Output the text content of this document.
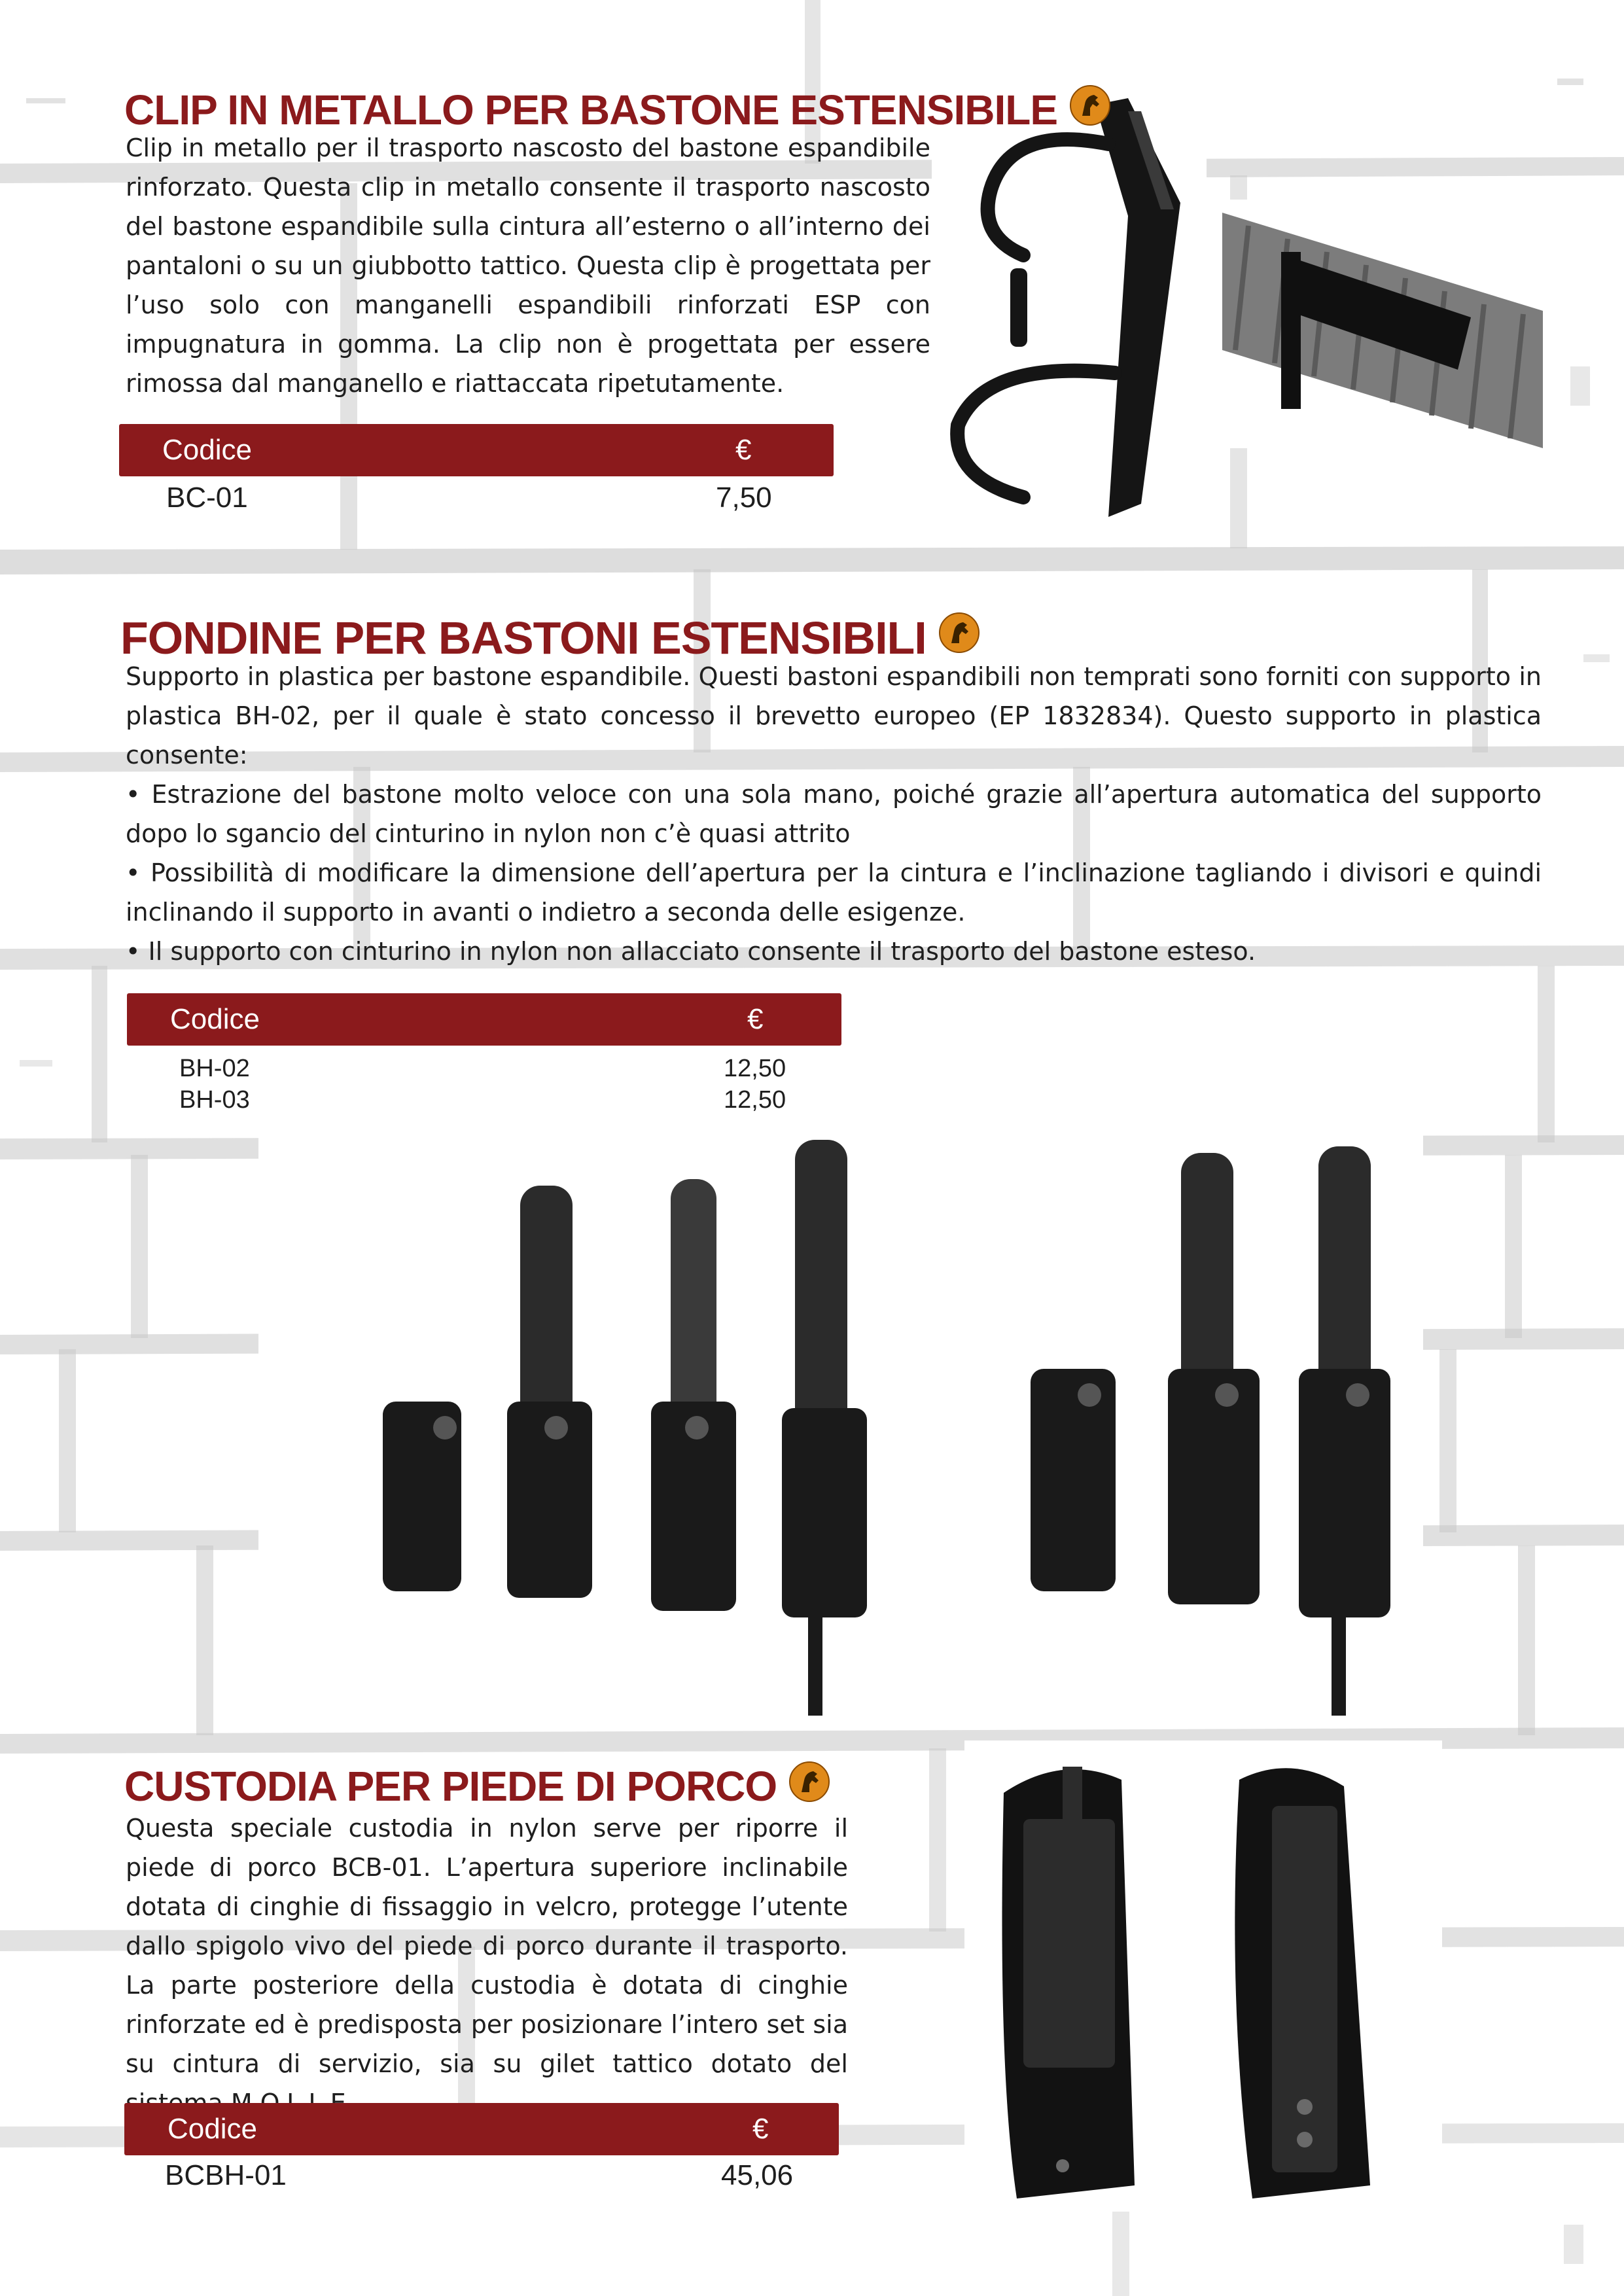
CLIP IN METALLO PER BASTONE ESTENSIBILE
Clip in metallo per il trasporto nascosto del bastone espandibile rinforzato. Questa clip in metallo consente il trasporto nascosto del bastone espandibile sulla cintura all’esterno o all’interno dei pantaloni o su un giubbotto tattico. Questa clip è progettata per l’uso solo con manganelli espandibili rinforzati ESP con impugnatura in gomma. La clip non è progettata per essere rimossa dal manganello e riattaccata ripetutamente.
Codice	€
BC-01	7,50
FONDINE PER BASTONI ESTENSIBILI

Supporto in plastica per bastone espandibile. Questi bastoni espandibili non temprati sono forniti con supporto in plastica BH-02, per il quale è stato concesso il brevetto europeo (EP 1832834). Questo supporto in plastica consente:

• Estrazione del bastone molto veloce con una sola mano, poiché grazie all’apertura automatica del supporto dopo lo sgancio del cinturino in nylon non c’è quasi attrito

• Possibilità di modificare la dimensione dell’apertura per la cintura e l’inclinazione tagliando i divisori e quindi inclinando il supporto in avanti o indietro a seconda delle esigenze.

• Il supporto con cinturino in nylon non allacciato consente il trasporto del bastone esteso.

Codice	€
BH-02	12,50
BH-03	12,50
CUSTODIA PER PIEDE DI PORCO
Questa speciale custodia in nylon serve per riporre il piede di porco BCB-01. L’apertura superiore inclinabile dotata di cinghie di fissaggio in velcro, protegge l’utente dallo spigolo vivo del piede di porco durante il trasporto. La parte posteriore della custodia è dotata di cinghie rinforzate ed è predisposta per posizionare l’intero set sia su cintura di servizio, sia su gilet tattico dotato del
Codice	€
BCBH-01	45,06
